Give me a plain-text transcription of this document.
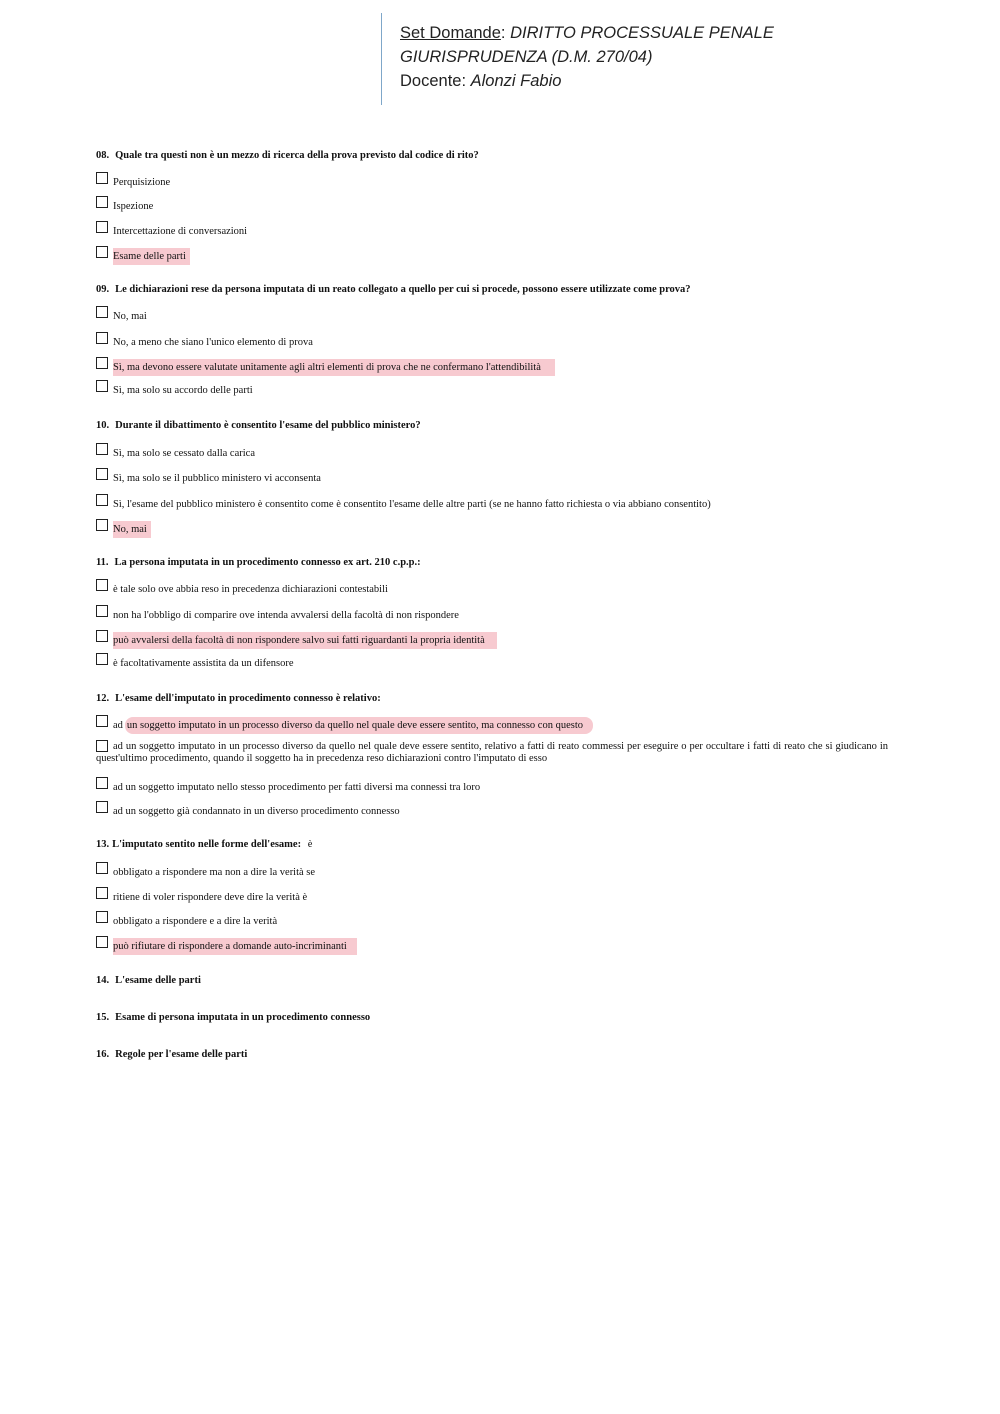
Set Domande: DIRITTO PROCESSUALE PENALE
GIURISPRUDENZA (D.M. 270/04)
Docente: Alonzi Fabio
08. Quale tra questi non è un mezzo di ricerca della prova previsto dal codice di rito?
Perquisizione
Ispezione
Intercettazione di conversazioni
Esame delle parti
09. Le dichiarazioni rese da persona imputata di un reato collegato a quello per cui si procede, possono essere utilizzate come prova?
No, mai
No, a meno che siano l'unico elemento di prova
Sì, ma devono essere valutate unitamente agli altri elementi di prova che ne confermano l'attendibilità
Sì, ma solo su accordo delle parti
10. Durante il dibattimento è consentito l'esame del pubblico ministero?
Sì, ma solo se cessato dalla carica
Sì, ma solo se il pubblico ministero vi acconsenta
Sì, l'esame del pubblico ministero è consentito come è consentito l'esame delle altre parti (se ne hanno fatto richiesta o via abbiano consentito)
No, mai
11. La persona imputata in un procedimento connesso ex art. 210 c.p.p.:
è tale solo ove abbia reso in precedenza dichiarazioni contestabili
non ha l'obbligo di comparire ove intenda avvalersi della facoltà di non rispondere
può avvalersi della facoltà di non rispondere salvo sui fatti riguardanti la propria identità
è facoltativamente assistita da un difensore
12. L'esame dell'imputato in procedimento connesso è relativo:
ad un soggetto imputato in un processo diverso da quello nel quale deve essere sentito, ma connesso con questo
ad un soggetto imputato in un processo diverso da quello nel quale deve essere sentito, relativo a fatti di reato commessi per eseguire o per occultare i fatti di reato che si giudicano in quest'ultimo procedimento, quando il soggetto ha in precedenza reso dichiarazioni contro l'imputato di esso
ad un soggetto imputato nello stesso procedimento per fatti diversi ma connessi tra loro
ad un soggetto già condannato in un diverso procedimento connesso
13. L'imputato sentito nelle forme dell'esame: è
obbligato a rispondere ma non a dire la verità se
ritiene di voler rispondere deve dire la verità è
obbligato a rispondere e a dire la verità
può rifiutare di rispondere a domande auto-incriminanti
14. L'esame delle parti
15. Esame di persona imputata in un procedimento connesso
16. Regole per l'esame delle parti
